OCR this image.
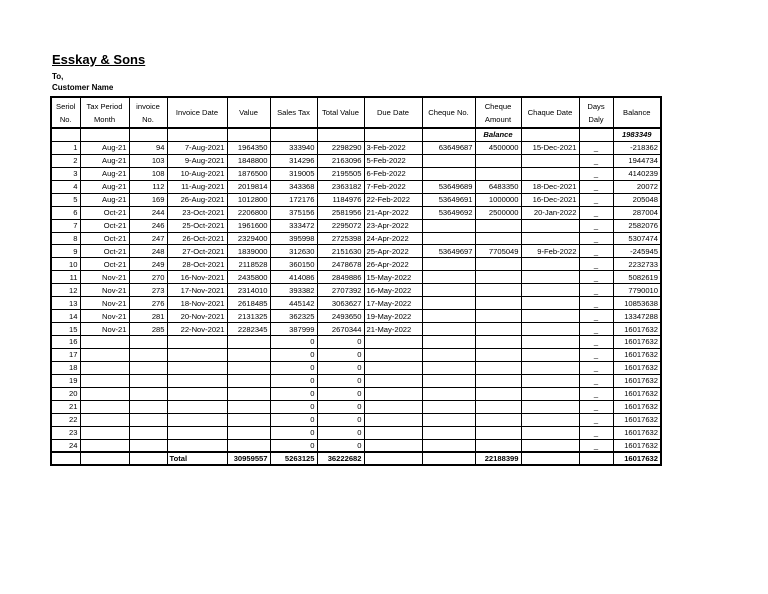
Esskay & Sons
To,
Customer Name
Seriol No.	Tax Period Month	invoice No.	Invoice Date	Value	Sales Tax	Total Value	Due Date	Cheque No.	Cheque Amount	Chaque Date	Days Daly	Balance
									Balance			1983349
1	Aug-21	94	7-Aug-2021	1964350	333940	2298290	3-Feb-2022	63649687	4500000	15-Dec-2021	_	-218362
2	Aug-21	103	9-Aug-2021	1848800	314296	2163096	5-Feb-2022				_	1944734
3	Aug-21	108	10-Aug-2021	1876500	319005	2195505	6-Feb-2022				_	4140239
4	Aug-21	112	11-Aug-2021	2019814	343368	2363182	7-Feb-2022	53649689	6483350	18-Dec-2021	_	20072
5	Aug-21	169	26-Aug-2021	1012800	172176	1184976	22-Feb-2022	53649691	1000000	16-Dec-2021	_	205048
6	Oct-21	244	23-Oct-2021	2206800	375156	2581956	21-Apr-2022	53649692	2500000	20-Jan-2022	_	287004
7	Oct-21	246	25-Oct-2021	1961600	333472	2295072	23-Apr-2022				_	2582076
8	Oct-21	247	26-Oct-2021	2329400	395998	2725398	24-Apr-2022				_	5307474
9	Oct-21	248	27-Oct-2021	1839000	312630	2151630	25-Apr-2022	53649697	7705049	9-Feb-2022	_	-245945
10	Oct-21	249	28-Oct-2021	2118528	360150	2478678	26-Apr-2022				_	2232733
11	Nov-21	270	16-Nov-2021	2435800	414086	2849886	15-May-2022				_	5082619
12	Nov-21	273	17-Nov-2021	2314010	393382	2707392	16-May-2022				_	7790010
13	Nov-21	276	18-Nov-2021	2618485	445142	3063627	17-May-2022				_	10853638
14	Nov-21	281	20-Nov-2021	2131325	362325	2493650	19-May-2022				_	13347288
15	Nov-21	285	22-Nov-2021	2282345	387999	2670344	21-May-2022				_	16017632
16					0	0					_	16017632
17					0	0					_	16017632
18					0	0					_	16017632
19					0	0					_	16017632
20					0	0					_	16017632
21					0	0					_	16017632
22					0	0					_	16017632
23					0	0					_	16017632
24					0	0					_	16017632
			Total	30959557	5263125	36222682			22188399			16017632
